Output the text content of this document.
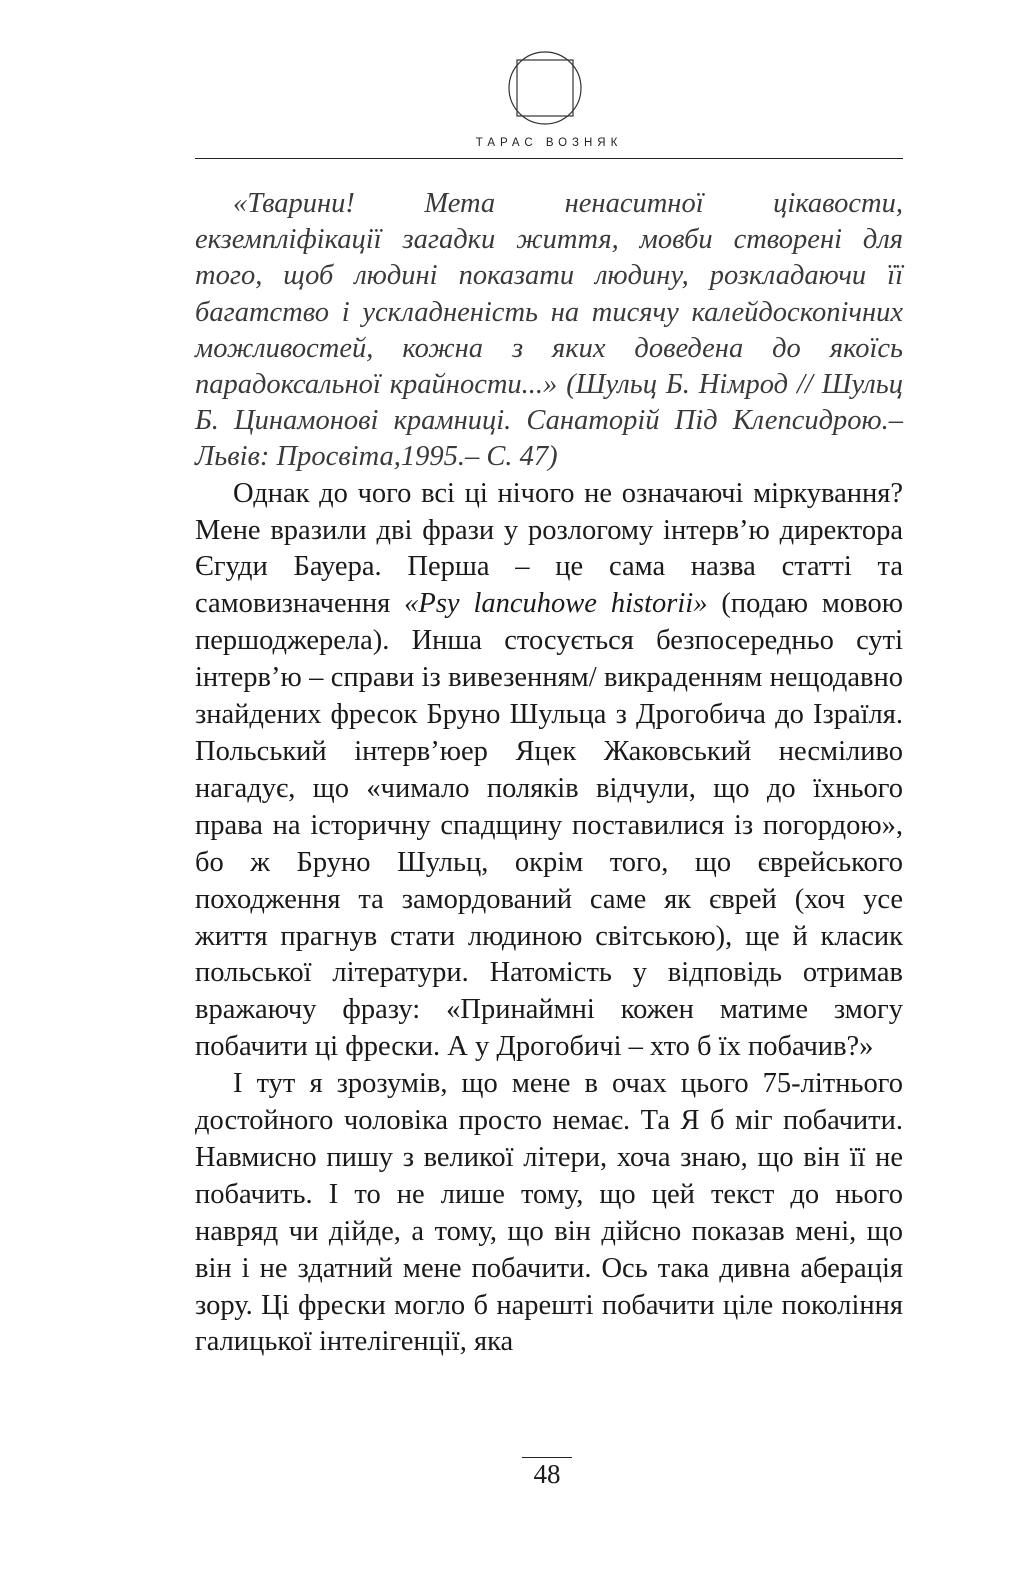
ТАРАС ВОЗНЯК

«Тварини! Мета ненаситної цікавости, екземпліфікації загадки життя, мовби створені для того, щоб людині показати людину, розкладаючи її багатство і ускладненість на тисячу калейдоскопічних можливостей, кожна з яких доведена до якоїсь парадоксальної крайности...» (Шульц Б. Німрод // Шульц Б. Цинамонові крамниці. Санаторій Під Клепсидрою.– Львів: Просвіта,1995.– С. 47)

Однак до чого всі ці нічого не означаючі міркування? Мене вразили дві фрази у розлогому інтерв’ю директора Єгуди Бауера. Перша – це сама назва статті та самовизначення «Psy lancuhowe historii» (подаю мовою першоджерела). Инша стосується безпосередньо суті інтерв’ю – справи із вивезенням/ викраденням нещодавно знайдених фресок Бруно Шульца з Дрогобича до Ізраїля. Польський інтерв’юер Яцек Жаковський несміливо нагадує, що «чимало поляків відчули, що до їхнього права на історичну спадщину поставилися із погордою», бо ж Бруно Шульц, окрім того, що єврейського походження та замордований саме як єврей (хоч усе життя прагнув стати людиною світською), ще й класик польської літератури. Натомість у відповідь отримав вражаючу фразу: «Принаймні кожен матиме змогу побачити ці фрески. А у Дрогобичі – хто б їх побачив?»

І тут я зрозумів, що мене в очах цього 75-літнього достойного чоловіка просто немає. Та Я б міг побачити. Навмисно пишу з великої літери, хоча знаю, що він її не побачить. І то не лише тому, що цей текст до нього навряд чи дійде, а тому, що він дійсно показав мені, що він і не здатний мене побачити. Ось така дивна аберація зору. Ці фрески могло б нарешті побачити ціле покоління галицької інтелігенції, яка

48
